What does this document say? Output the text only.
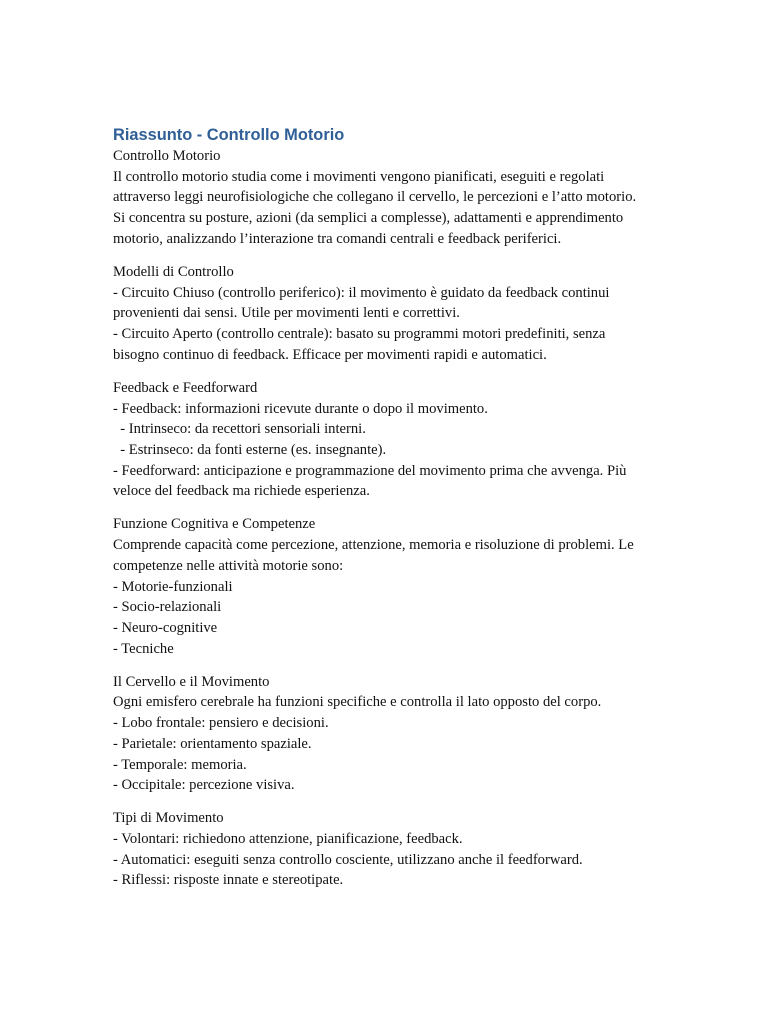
Riassunto - Controllo Motorio
Controllo Motorio
Il controllo motorio studia come i movimenti vengono pianificati, eseguiti e regolati
attraverso leggi neurofisiologiche che collegano il cervello, le percezioni e l’atto motorio.
Si concentra su posture, azioni (da semplici a complesse), adattamenti e apprendimento
motorio, analizzando l’interazione tra comandi centrali e feedback periferici.
Modelli di Controllo
- Circuito Chiuso (controllo periferico): il movimento è guidato da feedback continui
provenienti dai sensi. Utile per movimenti lenti e correttivi.
- Circuito Aperto (controllo centrale): basato su programmi motori predefiniti, senza
bisogno continuo di feedback. Efficace per movimenti rapidi e automatici.
Feedback e Feedforward
- Feedback: informazioni ricevute durante o dopo il movimento.
- Intrinseco: da recettori sensoriali interni.
- Estrinseco: da fonti esterne (es. insegnante).
- Feedforward: anticipazione e programmazione del movimento prima che avvenga. Più
veloce del feedback ma richiede esperienza.
Funzione Cognitiva e Competenze
Comprende capacità come percezione, attenzione, memoria e risoluzione di problemi. Le
competenze nelle attività motorie sono:
- Motorie-funzionali
- Socio-relazionali
- Neuro-cognitive
- Tecniche
Il Cervello e il Movimento
Ogni emisfero cerebrale ha funzioni specifiche e controlla il lato opposto del corpo.
- Lobo frontale: pensiero e decisioni.
- Parietale: orientamento spaziale.
- Temporale: memoria.
- Occipitale: percezione visiva.
Tipi di Movimento
- Volontari: richiedono attenzione, pianificazione, feedback.
- Automatici: eseguiti senza controllo cosciente, utilizzano anche il feedforward.
- Riflessi: risposte innate e stereotipate.
